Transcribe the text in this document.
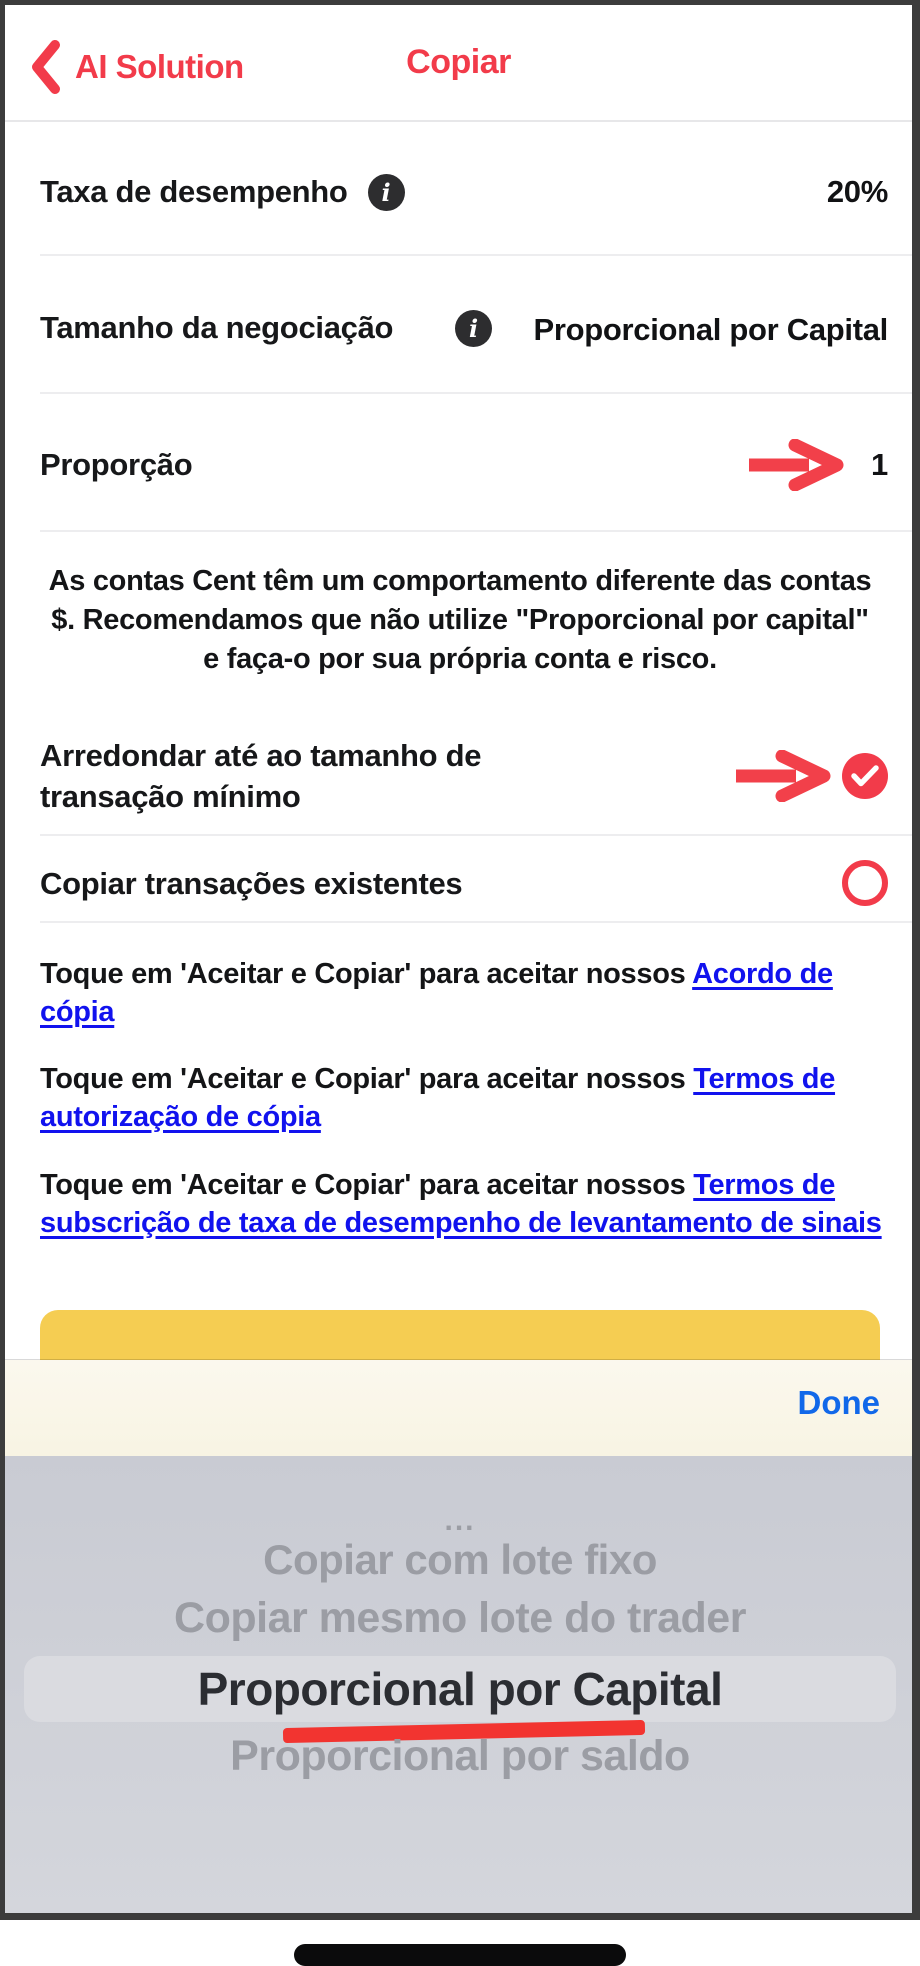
AI Solution	Copiar
Taxa de desempenho	i	20%
Tamanho da negociação	i	Proporcional por Capital
Proporção	1
As contas Cent têm um comportamento diferente das contas $. Recomendamos que não utilize "Proporcional por capital" e faça-o por sua própria conta e risco.
Arredondar até ao tamanho de transação mínimo
Copiar transações existentes

Toque em 'Aceitar e Copiar' para aceitar nossos Acordo de cópia

Toque em 'Aceitar e Copiar' para aceitar nossos Termos de autorização de cópia

Toque em 'Aceitar e Copiar' para aceitar nossos Termos de subscrição de taxa de desempenho de levantamento de sinais

Done
...
Copiar com lote fixo
Copiar mesmo lote do trader
Proporcional por Capital
Proporcional por saldo
